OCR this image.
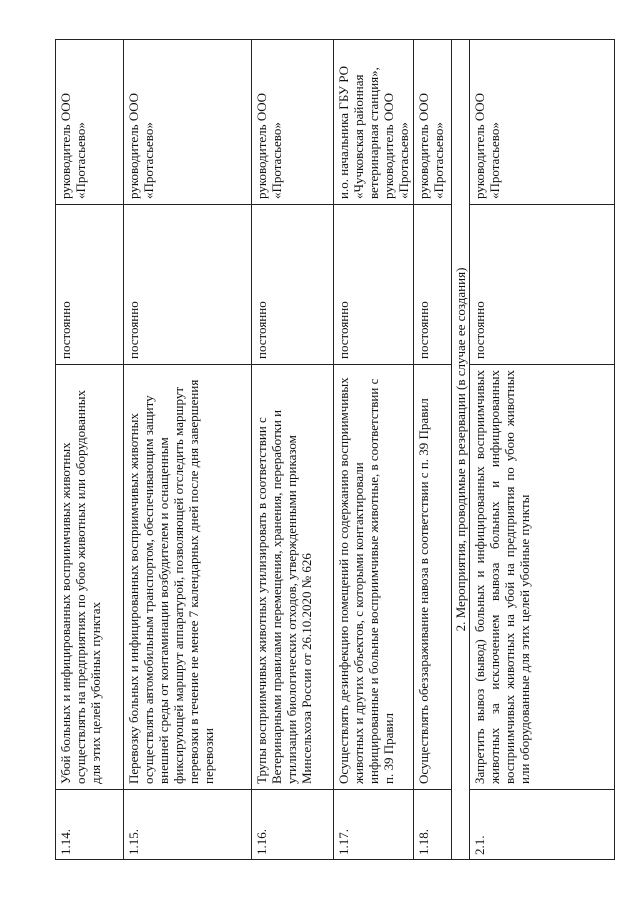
1.14.	Убой больных и инфицированных восприимчивых животных осуществлять на предприятиях по убою животных или оборудованных для этих целей убойных пунктах	постоянно	руководитель ООО «Протасьево»
1.15.	Перевозку больных и инфицированных восприимчивых животных осуществлять автомобильным транспортом, обеспечивающим защиту внешней среды от контаминации возбудителем и оснащенным фиксирующей маршрут аппаратурой, позволяющей отследить маршрут перевозки в течение не менее 7 календарных дней после дня завершения перевозки	постоянно	руководитель ООО «Протасьево»
1.16.	Трупы восприимчивых животных утилизировать в соответствии с Ветеринарными правилами перемещения, хранения, переработки и утилизации биологических отходов, утвержденными приказом Минсельхоза России от 26.10.2020 № 626	постоянно	руководитель ООО «Протасьево»
1.17.	Осуществлять дезинфекцию помещений по содержанию восприимчивых животных и других объектов, с которыми контактировали инфицированные и больные восприимчивые животные, в соответствии с п. 39 Правил	постоянно	и.о. начальника ГБУ РО «Чучковская районная ветеринарная станция», руководитель ООО «Протасьево»
1.18.	Осуществлять обеззараживание навоза в соответствии с п. 39 Правил	постоянно	руководитель ООО «Протасьево»
2. Мероприятия, проводимые в резервации (в случае ее создания)			
2.1.	Запретить вывоз (вывод) больных и инфицированных восприимчивых животных за исключением вывоза больных и инфицированных восприимчивых животных на убой на предприятия по убою животных или оборудованные для этих целей убойные пункты	постоянно	руководитель ООО «Протасьево»
